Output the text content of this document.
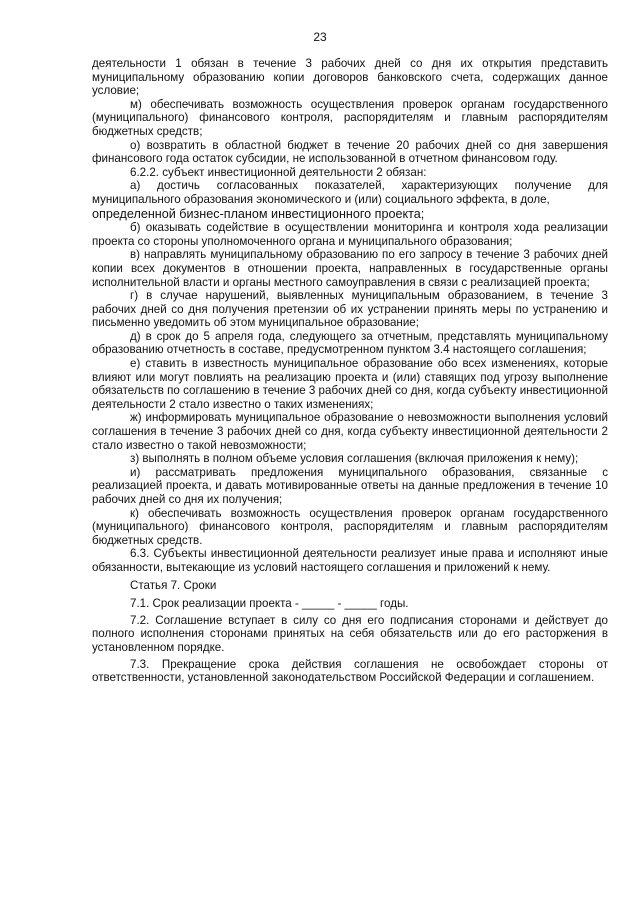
23

деятельности 1 обязан в течение 3 рабочих дней со дня их открытия представить муниципальному образованию копии договоров банковского счета, содержащих данное условие;

м) обеспечивать возможность осуществления проверок органам государственного (муниципального) финансового контроля, распорядителям и главным распорядителям бюджетных средств;

о) возвратить в областной бюджет в течение 20 рабочих дней со дня завершения финансового года остаток субсидии, не использованной в отчетном финансовом году.

6.2.2. субъект инвестиционной деятельности 2 обязан:

а) достичь согласованных показателей, характеризующих получение для муниципального образования экономического и (или) социального эффекта, в доле,

определенной бизнес-планом инвестиционного проекта;

б) оказывать содействие в осуществлении мониторинга и контроля хода реализации проекта со стороны уполномоченного органа и муниципального образования;

в) направлять муниципальному образованию по его запросу в течение 3 рабочих дней копии всех документов в отношении проекта, направленных в государственные органы исполнительной власти и органы местного самоуправления в связи с реализацией проекта;

г) в случае нарушений, выявленных муниципальным образованием, в течение 3 рабочих дней со дня получения претензии об их устранении принять меры по устранению и письменно уведомить об этом муниципальное образование;

д) в срок до 5 апреля года, следующего за отчетным, представлять муниципальному образованию отчетность в составе, предусмотренном пунктом 3.4 настоящего соглашения;

е) ставить в известность муниципальное образование обо всех изменениях, которые влияют или могут повлиять на реализацию проекта и (или) ставящих под угрозу выполнение обязательств по соглашению в течение 3 рабочих дней со дня, когда субъекту инвестиционной деятельности 2 стало известно о таких изменениях;

ж) информировать муниципальное образование о невозможности выполнения условий соглашения в течение 3 рабочих дней со дня, когда субъекту инвестиционной деятельности 2 стало известно о такой невозможности;

з) выполнять в полном объеме условия соглашения (включая приложения к нему);

и) рассматривать предложения муниципального образования, связанные с реализацией проекта, и давать мотивированные ответы на данные предложения в течение 10 рабочих дней со дня их получения;

к) обеспечивать возможность осуществления проверок органам государственного (муниципального) финансового контроля, распорядителям и главным распорядителям бюджетных средств.

6.3. Субъекты инвестиционной деятельности реализует иные права и исполняют иные обязанности, вытекающие из условий настоящего соглашения и приложений к нему.

Статья 7. Сроки

7.1. Срок реализации проекта - _____ - _____ годы.

7.2. Соглашение вступает в силу со дня его подписания сторонами и действует до полного исполнения сторонами принятых на себя обязательств или до его расторжения в установленном порядке.

7.3. Прекращение срока действия соглашения не освобождает стороны от ответственности, установленной законодательством Российской Федерации и соглашением.
